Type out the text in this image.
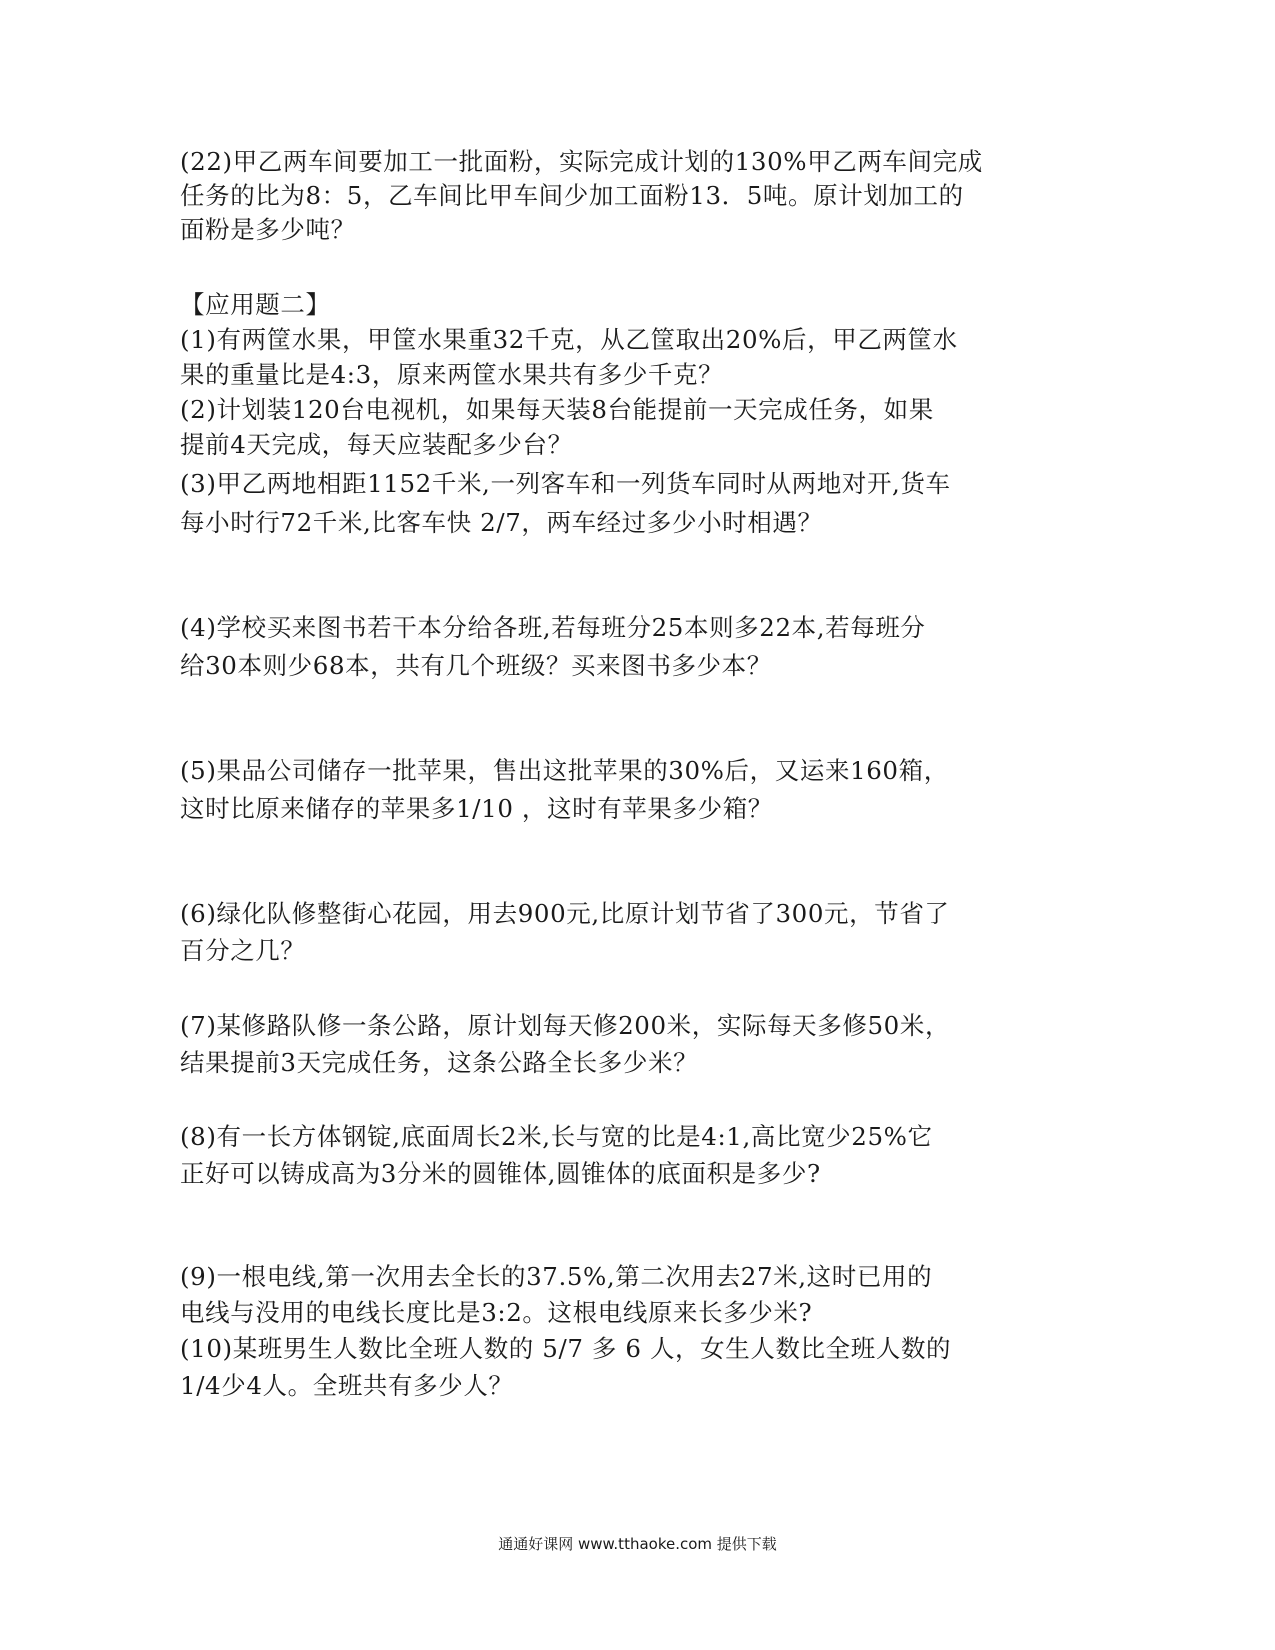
(22)甲乙两车间要加工一批面粉，实际完成计划的130%甲乙两车间完成
任务的比为8：5，乙车间比甲车间少加工面粉13．5吨。原计划加工的
面粉是多少吨？
【应用题二】
(1)有两筐水果，甲筐水果重32千克，从乙筐取出20%后，甲乙两筐水
果的重量比是4:3，原来两筐水果共有多少千克？
(2)计划装120台电视机，如果每天装8台能提前一天完成任务，如果
提前4天完成，每天应装配多少台？
(3)甲乙两地相距1152千米,一列客车和一列货车同时从两地对开,货车
每小时行72千米,比客车快 2/7，两车经过多少小时相遇？
(4)学校买来图书若干本分给各班,若每班分25本则多22本,若每班分
给30本则少68本，共有几个班级？买来图书多少本？
(5)果品公司储存一批苹果，售出这批苹果的30%后，又运来160箱，
这时比原来储存的苹果多1/10 ，这时有苹果多少箱？
(6)绿化队修整街心花园，用去900元,比原计划节省了300元，节省了
百分之几？
(7)某修路队修一条公路，原计划每天修200米，实际每天多修50米，
结果提前3天完成任务，这条公路全长多少米？
(8)有一长方体钢锭,底面周长2米,长与宽的比是4:1,高比宽少25%它
正好可以铸成高为3分米的圆锥体,圆锥体的底面积是多少?
(9)一根电线,第一次用去全长的37.5%,第二次用去27米,这时已用的
电线与没用的电线长度比是3:2。这根电线原来长多少米?
(10)某班男生人数比全班人数的 5/7 多 6 人，女生人数比全班人数的
1/4少4人。全班共有多少人？
通通好课网 www.tthaoke.com 提供下载
